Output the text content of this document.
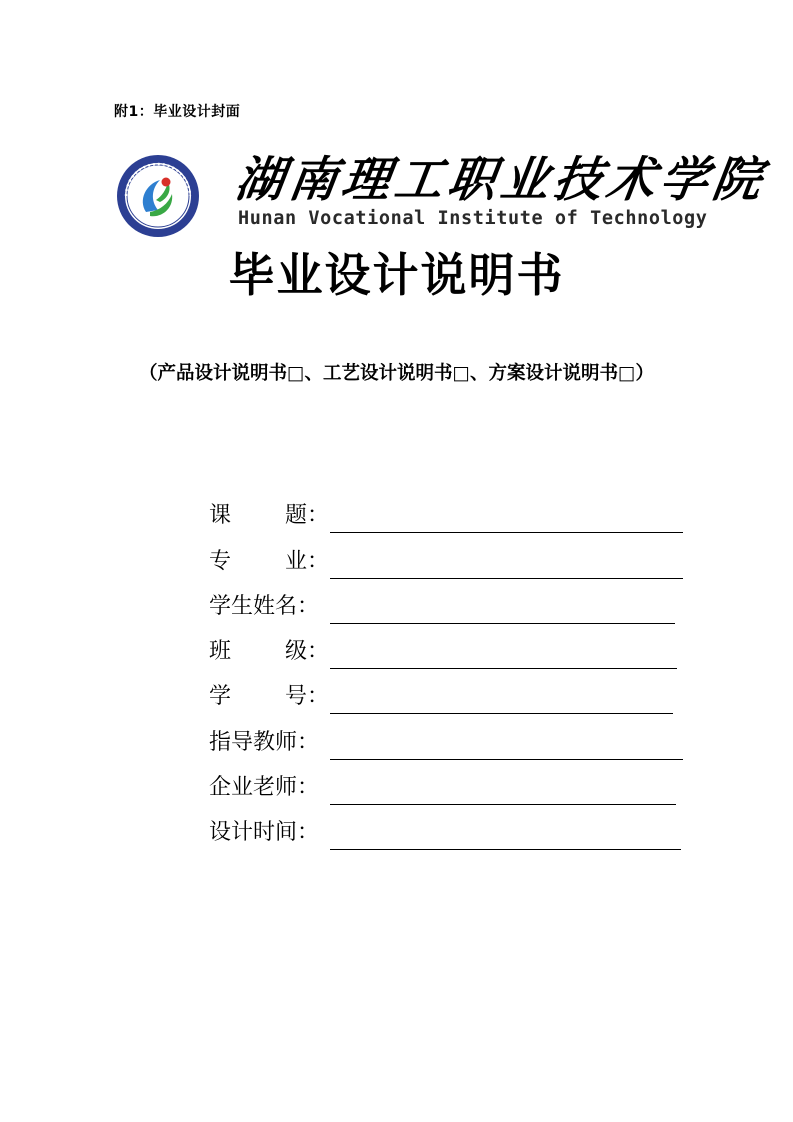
附1：毕业设计封面
湖南理工职业技术学院
Hunan Vocational Institute of Technology
毕业设计说明书
（产品设计说明书□、工艺设计说明书□、方案设计说明书□）
课 题：
专 业：
学生姓名：
班 级：
学 号：
指导教师：
企业老师：
设计时间：
